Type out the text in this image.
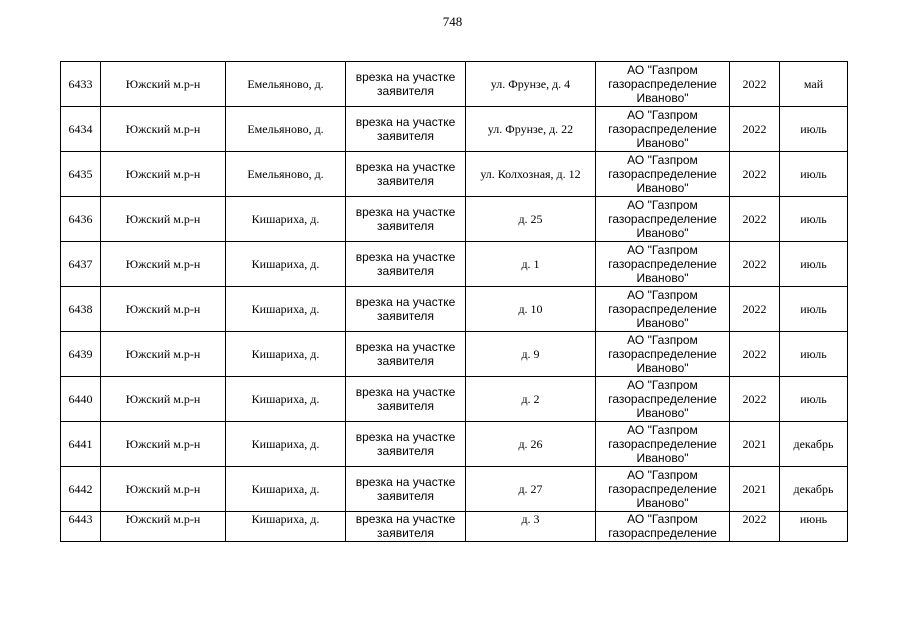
748
6433	Южский м.р-н	Емельяново, д.	врезка на участке
заявителя	ул. Фрунзе, д. 4	АО "Газпром
газораспределение
Иваново"	2022	май
6434	Южский м.р-н	Емельяново, д.	врезка на участке
заявителя	ул. Фрунзе, д. 22	АО "Газпром
газораспределение
Иваново"	2022	июль
6435	Южский м.р-н	Емельяново, д.	врезка на участке
заявителя	ул. Колхозная, д. 12	АО "Газпром
газораспределение
Иваново"	2022	июль
6436	Южский м.р-н	Кишариха, д.	врезка на участке
заявителя	д. 25	АО "Газпром
газораспределение
Иваново"	2022	июль
6437	Южский м.р-н	Кишариха, д.	врезка на участке
заявителя	д. 1	АО "Газпром
газораспределение
Иваново"	2022	июль
6438	Южский м.р-н	Кишариха, д.	врезка на участке
заявителя	д. 10	АО "Газпром
газораспределение
Иваново"	2022	июль
6439	Южский м.р-н	Кишариха, д.	врезка на участке
заявителя	д. 9	АО "Газпром
газораспределение
Иваново"	2022	июль
6440	Южский м.р-н	Кишариха, д.	врезка на участке
заявителя	д. 2	АО "Газпром
газораспределение
Иваново"	2022	июль
6441	Южский м.р-н	Кишариха, д.	врезка на участке
заявителя	д. 26	АО "Газпром
газораспределение
Иваново"	2021	декабрь
6442	Южский м.р-н	Кишариха, д.	врезка на участке
заявителя	д. 27	АО "Газпром
газораспределение
Иваново"	2021	декабрь
6443	Южский м.р-н	Кишариха, д.	врезка на участке
заявителя	д. 3	АО "Газпром
газораспределение	2022	июнь
